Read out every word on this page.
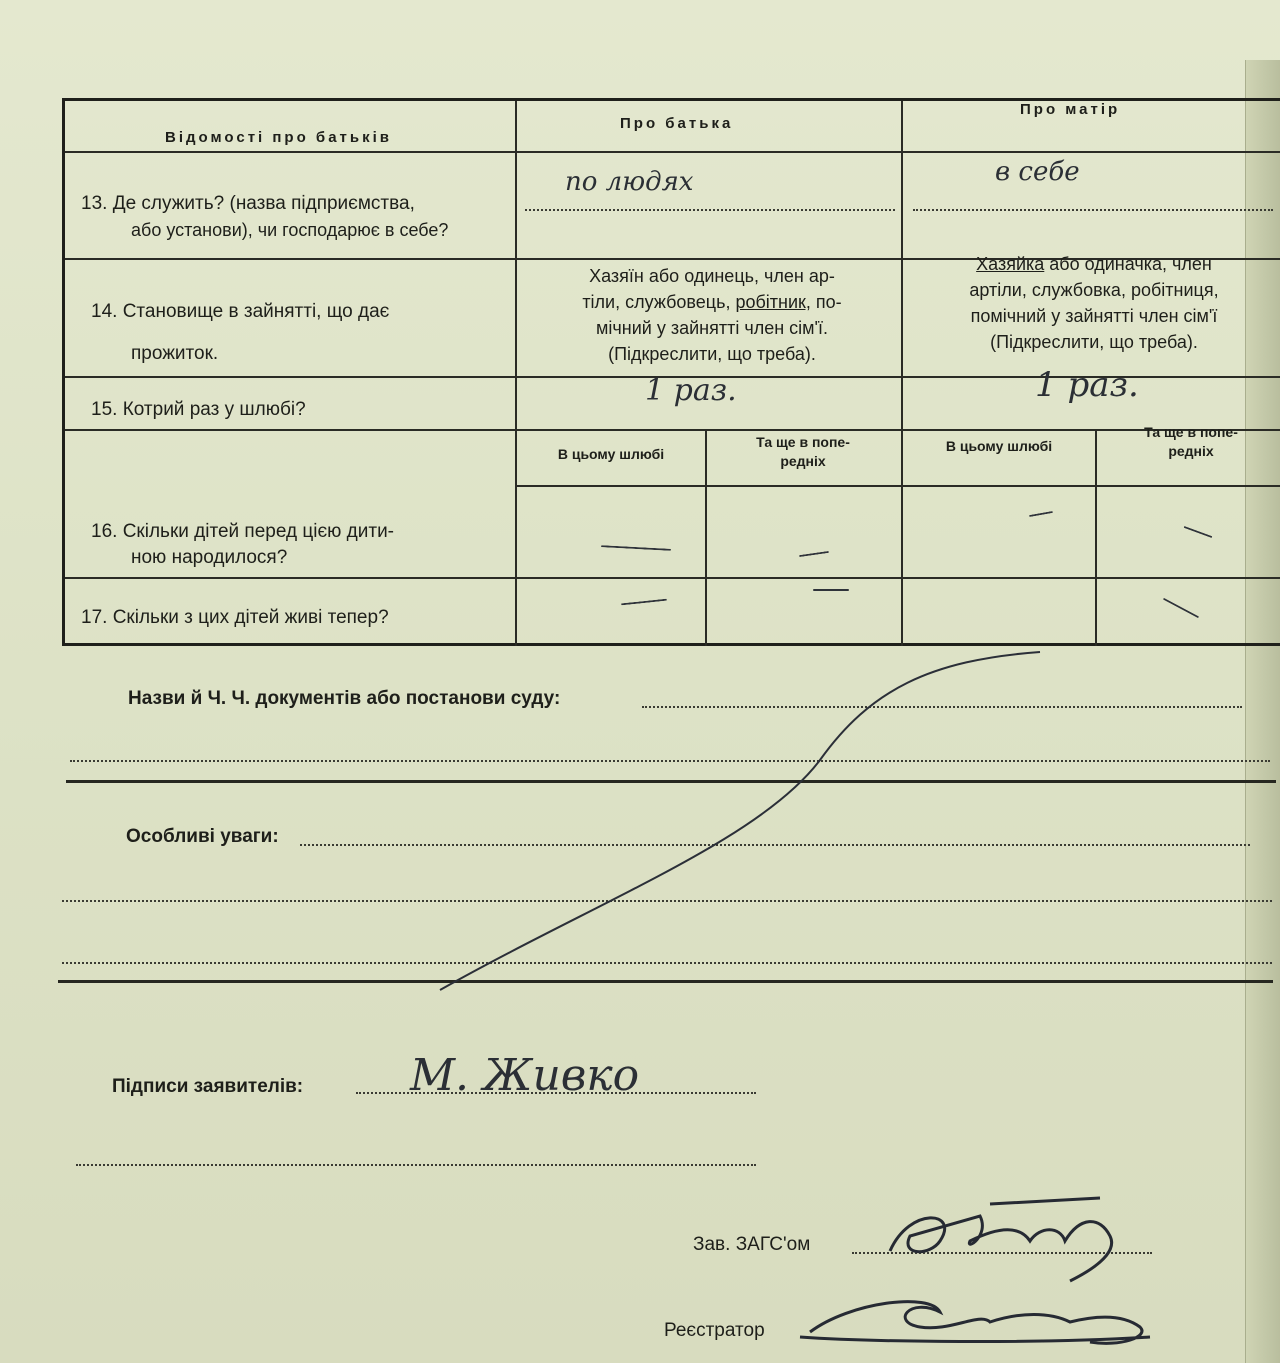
Відомості про батьків
Про батька
Про матір
13. Де служить? (назва підприємства,
або установи), чи господарює в себе?
по людях	в себе
14. Становище в зайнятті, що дає
прожиток.
Хазяїн або одинець, член ар-
тіли, службовець, робітник, по-
мічний у зайнятті член сім'ї.
(Підкреслити, що треба).
Хазяйка або одиначка, член
артіли, службовка, робітниця,
помічний у зайнятті член сім'ї
(Підкреслити, що треба).
15. Котрий раз у шлюбі?
1 раз.	1 раз.
В цьому шлюбі
Та ще в попе-
редніх
В цьому шлюбі
Та ще в попе-
редніх
16. Скільки дітей перед цією дити-
ною народилося?
17. Скільки з цих дітей живі тепер?
Назви й Ч. Ч. документів або постанови суду:
Особливі уваги:
Підписи заявителів: М. Живко
Зав. ЗАГС'ом
Реєстратор
